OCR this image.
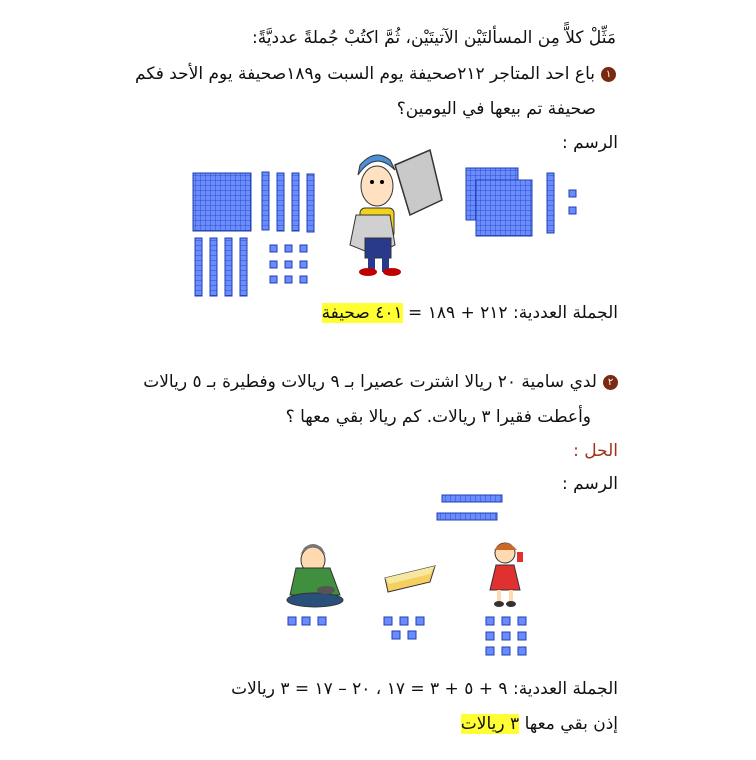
مَثِّلْ كلاًّ مِن المسألتَيْن الآتيتَيْن، ثُمَّ اكتُبْ جُملةً عدديَّةً:
١باع احد المتاجر ٢١٢صحيفة يوم السبت و١٨٩صحيفة يوم الأحد فكم
صحيفة تم بيعها في اليومين؟
الرسم :
الجملة العددية: ٢١٢ + ١٨٩ = ٤٠١ صحيفة
٢لدي سامية ٢٠ ريالا اشترت عصيرا بـ ٩ ريالات وفطيرة بـ ٥ ريالات
وأعطت فقيرا ٣ ريالات. كم ريالا بقي معها ؟
الحل :
الرسم :
الجملة العددية: ٩ + ٥ + ٣ = ١٧ ، ٢٠ – ١٧ = ٣ ريالات
إذن بقي معها ٣ ريالات
